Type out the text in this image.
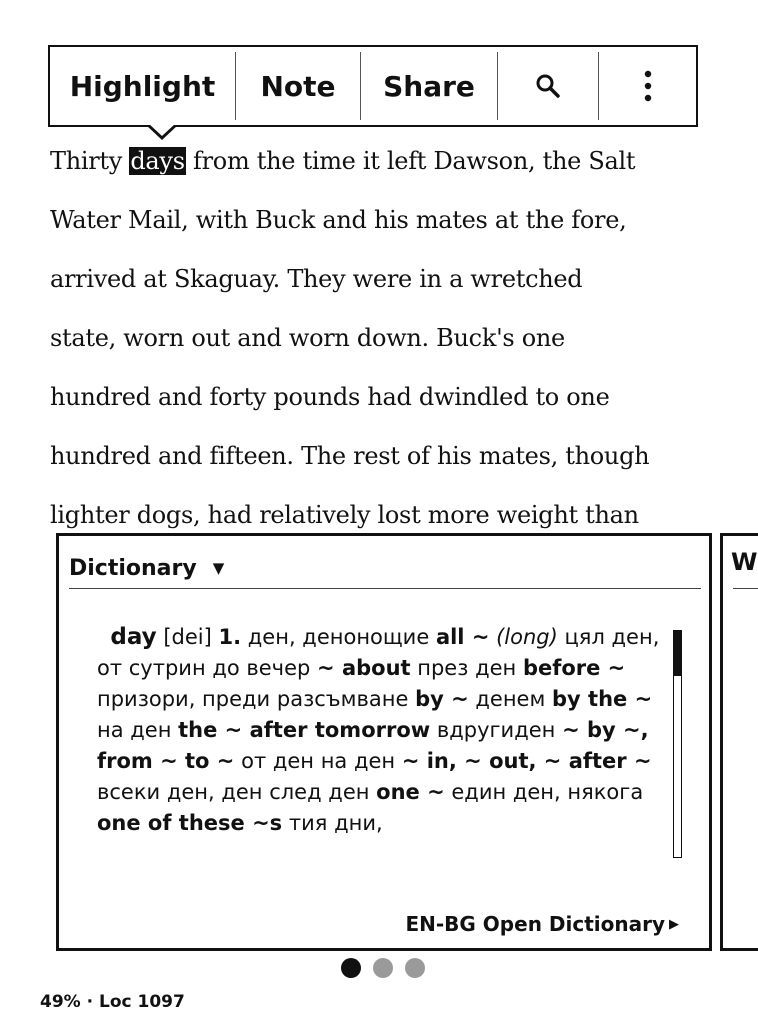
Highlight	Note	Share
Thirty days from the time it left Dawson, the Salt
Water Mail, with Buck and his mates at the fore,
arrived at Skaguay. They were in a wretched
state, worn out and worn down. Buck's one
hundred and forty pounds had dwindled to one
hundred and fifteen. The rest of his mates, though
lighter dogs, had relatively lost more weight than
Dictionary ▼
day [dei] 1. ден, денонощие all ~ (long) цял ден, от сутрин до вечер ~ about през ден before ~ призори, преди разсъмване by ~ денем by the ~ на ден the ~ after tomorrow вдругиден ~ by ~, from ~ to ~ от ден на ден ~ in, ~ out, ~ after ~ всеки ден, ден след ден one ~ един ден, някога one of these ~s тия дни,
EN-BG Open Dictionary ▶
W
49% · Loc 1097
